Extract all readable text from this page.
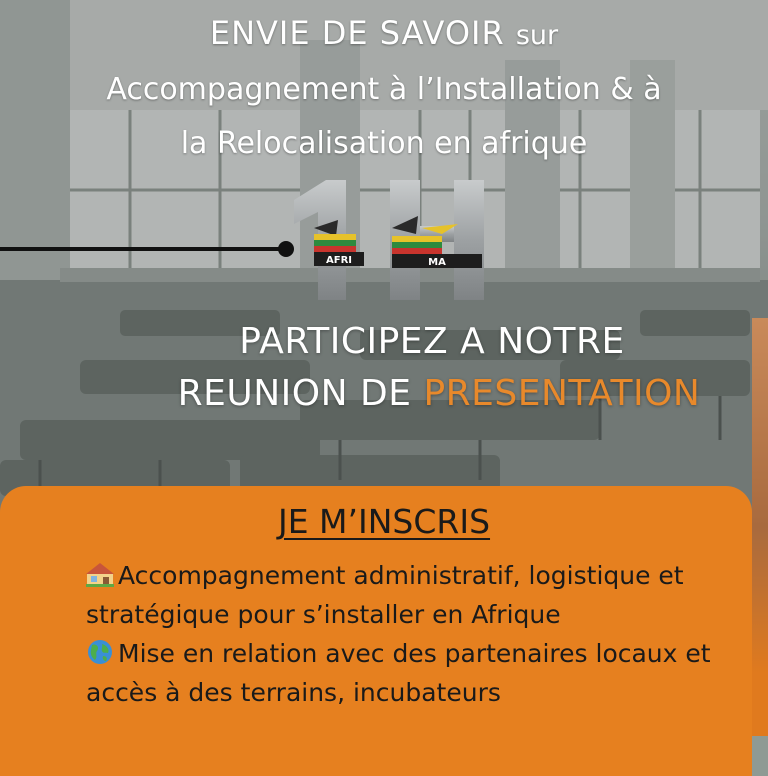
ENVIE DE SAVOIR sur
Accompagnement à l’Installation & à
la Relocalisation en afrique
AFRI	MA
PARTICIPEZ A NOTRE
REUNION DE PRESENTATION
JE M’INSCRIS

Accompagnement administratif, logistique et stratégique pour s’installer en Afrique

Mise en relation avec des partenaires locaux et accès à des terrains, incubateurs
